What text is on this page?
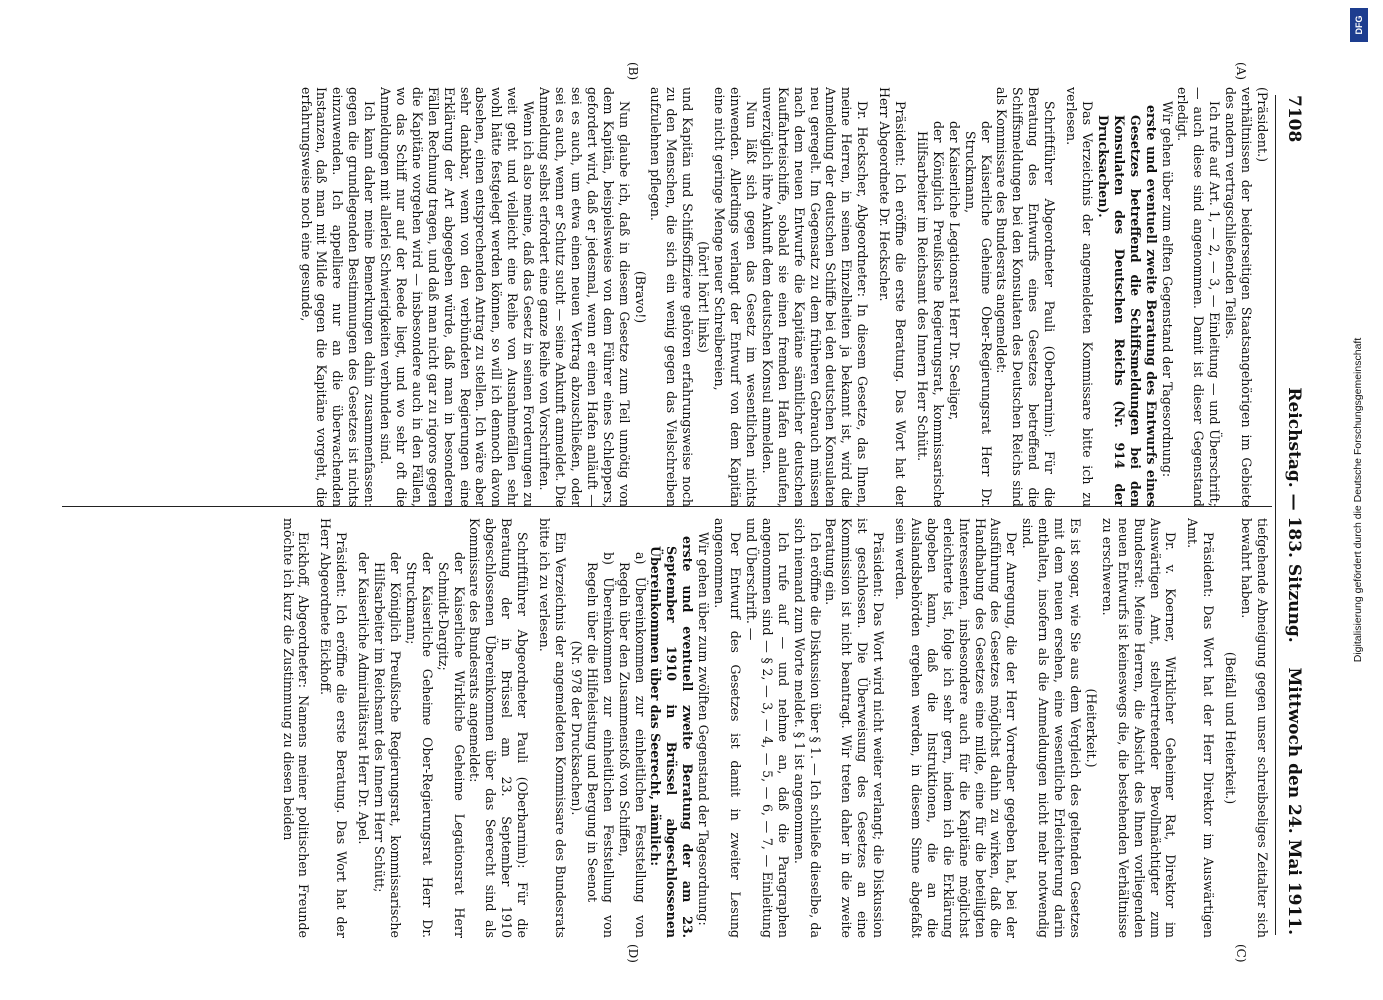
7108
Reichstag. — 183. Sitzung.
Mittwoch den 24. Mai 1911.
(A)
(B)
(C)
(D)

(Präsident.)

verhältnissen der beiderseitigen Staatsangehörigen im Gebiete des andern vertragschließenden Teiles.

Ich rufe auf Art. 1, — 2, — 3, — Einleitung — und Überschrift; — auch diese sind angenommen. Damit ist dieser Gegenstand erledigt.

Wir gehen über zum elften Gegenstand der Tagesordnung:

erste und eventuell zweite Beratung des Entwurfs eines Gesetzes betreffend die Schiffsmeldungen bei den Konsulaten des Deutschen Reichs (Nr. 914 der Drucksachen).

Das Verzeichnis der angemeldeten Kommissare bitte ich zu verlesen.

Schriftführer Abgeordneter Pauli (Oberbarnim): Für die Beratung des Entwurfs eines Gesetzes betreffend die Schiffsmeldungen bei den Konsulaten des Deutschen Reichs sind als Kommissare des Bundesrats angemeldet:

der Kaiserliche Geheime Ober-Regierungsrat Herr Dr. Struckmann,

der Kaiserliche Legationsrat Herr Dr. Seeliger,

der Königlich Preußische Regierungsrat, kommissarische Hilfsarbeiter im Reichsamt des Innern Herr Schütt.

Präsident: Ich eröffne die erste Beratung. Das Wort hat der Herr Abgeordnete Dr. Heckscher.

Dr. Heckscher, Abgeordneter: In diesem Gesetze, das Ihnen, meine Herren, in seinen Einzelheiten ja bekannt ist, wird die Anmeldung der deutschen Schiffe bei den deutschen Konsulaten neu geregelt. Im Gegensatz zu dem früheren Gebrauch müssen nach dem neuen Entwurfe die Kapitäne sämtlicher deutschen Kauffahrteischiffe, sobald sie einen fremden Hafen anlaufen, unverzüglich ihre Ankunft dem deutschen Konsul anmelden.

Nun läßt sich gegen das Gesetz im wesentlichen nichts einwenden. Allerdings verlangt der Entwurf von dem Kapitän eine nicht geringe Menge neuer Schreibereien,

(hört! hört! links)

und Kapitän und Schiffsoffiziere gehören erfahrungsweise noch zu den Menschen, die sich ein wenig gegen das Vielschreiben aufzulehnen pflegen.

(Bravo!)

Nun glaube ich, daß in diesem Gesetze zum Teil unnötig von dem Kapitän, beispielsweise von dem Führer eines Schleppers, gefordert wird, daß er jedesmal, wenn er einen Hafen anläuft — sei es auch, um etwa einen neuen Vertrag abzuschließen, oder sei es auch, wenn er Schutz sucht — seine Ankunft anmeldet. Die Anmeldung selbst erfordert eine ganze Reihe von Vorschriften.

Wenn ich also meine, daß das Gesetz in seinen Forderungen zu weit geht und vielleicht eine Reihe von Ausnahmefällen sehr wohl hätte festgelegt werden können, so will ich dennoch davon absehen, einen entsprechenden Antrag zu stellen. Ich wäre aber sehr dankbar, wenn von den verbündeten Regierungen eine Erklärung der Art abgegeben würde, daß man in besonderen Fällen Rechnung tragen, und daß man nicht gar zu rigoros gegen die Kapitäne vorgehen wird — insbesondere auch in den Fällen, wo das Schiff nur auf der Reede liegt, und wo sehr oft die Anmeldungen mit allerlei Schwierigkeiten verbunden sind.

Ich kann daher meine Bemerkungen dahin zusammenfassen: gegen die grundlegenden Bestimmungen des Gesetzes ist nichts einzuwenden. Ich appelliere nur an die überwachenden Instanzen, daß man mit Milde gegen die Kapitäne vorgeht, die erfahrungsweise noch eine gesunde,

tiefgehende Abneigung gegen unser schreibseliges Zeitalter sich bewahrt haben.

(Beifall und Heiterkeit.)

Präsident: Das Wort hat der Herr Direktor im Auswärtigen Amt.

Dr. v. Koerner, Wirklicher Geheimer Rat, Direktor im Auswärtigen Amt, stellvertretender Bevollmächtigter zum Bundesrat: Meine Herren, die Absicht des Ihnen vorliegenden neuen Entwurfs ist keineswegs die, die bestehenden Verhältnisse zu erschweren.

(Heiterkeit.)

Es ist sogar, wie Sie aus dem Vergleich des geltenden Gesetzes mit dem neuen ersehen, eine wesentliche Erleichterung darin enthalten, insofern als die Anmeldungen nicht mehr notwendig sind.

Der Anregung, die der Herr Vorredner gegeben hat, bei der Ausführung des Gesetzes möglichst dahin zu wirken, daß die Handhabung des Gesetzes eine milde, eine für die beteiligten Interessenten, insbesondere auch für die Kapitäne möglichst erleichterte ist, folge ich sehr gern, indem ich die Erklärung abgeben kann, daß die Instruktionen, die an die Auslandsbehörden ergehen werden, in diesem Sinne abgefaßt sein werden.

Präsident: Das Wort wird nicht weiter verlangt; die Diskussion ist geschlossen. Die Überweisung des Gesetzes an eine Kommission ist nicht beantragt. Wir treten daher in die zweite Beratung ein.

Ich eröffne die Diskussion über § 1. — Ich schließe dieselbe, da sich niemand zum Worte meldet. § 1 ist angenommen.

Ich rufe auf — und nehme an, daß die Paragraphen angenommen sind — § 2, — 3, — 4, — 5, — 6, — 7, — Einleitung und Überschrift. —

Der Entwurf des Gesetzes ist damit in zweiter Lesung angenommen.

Wir gehen über zum zwölften Gegenstand der Tagesordnung:

erste und eventuell zweite Beratung der am 23. September 1910 in Brüssel abgeschlossenen Übereinkommen über das Seerecht, nämlich:

a) Übereinkommen zur einheitlichen Feststellung von Regeln über den Zusammenstoß von Schiffen,

b) Übereinkommen zur einheitlichen Feststellung von Regeln über die Hilfeleistung und Bergung in Seenot

(Nr. 978 der Drucksachen).

Ein Verzeichnis der angemeldeten Kommissare des Bundesrats bitte ich zu verlesen.

Schriftführer Abgeordneter Pauli (Oberbarnim): Für die Beratung der in Brüssel am 23. September 1910 abgeschlossenen Übereinkommen über das Seerecht sind als Kommissare des Bundesrats angemeldet:

der Kaiserliche Wirkliche Geheime Legationsrat Herr Schmidt-Dargitz;

der Kaiserliche Geheime Ober-Regierungsrat Herr Dr. Struckmann;

der Königlich Preußische Regierungsrat, kommissarische Hilfsarbeiter im Reichsamt des Innern Herr Schütt;

der Kaiserliche Admiralitätsrat Herr Dr. Apel.

Präsident: Ich eröffne die erste Beratung. Das Wort hat der Herr Abgeordnete Eickhoff.

Eickhoff, Abgeordneter: Namens meiner politischen Freunde möchte ich kurz die Zustimmung zu diesen beiden

Digitalisierung gefördert durch die Deutsche Forschungsgemeinschaft
DFG
